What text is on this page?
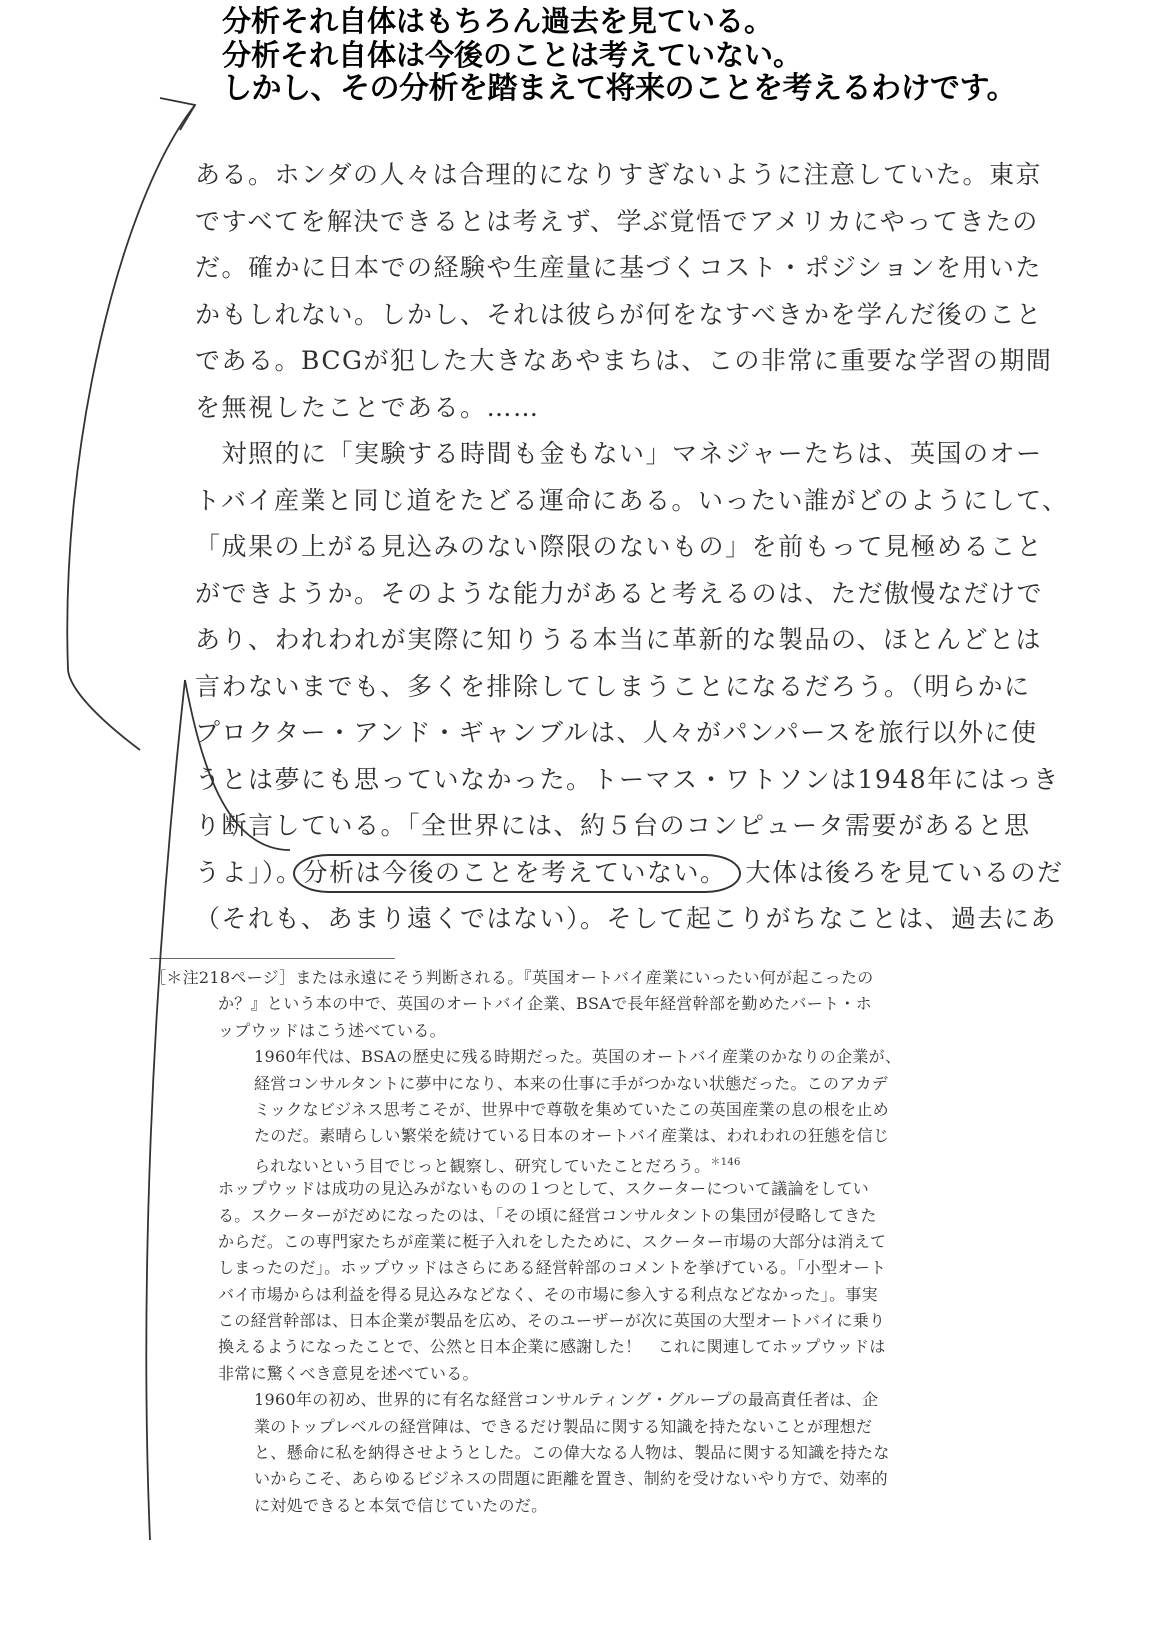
分析それ自体はもちろん過去を見ている。
分析それ自体は今後のことは考えていない。
しかし、その分析を踏まえて将来のことを考えるわけです。
ある。ホンダの人々は合理的になりすぎないように注意していた。東京
ですべてを解決できるとは考えず、学ぶ覚悟でアメリカにやってきたの
だ。確かに日本での経験や生産量に基づくコスト・ポジションを用いた
かもしれない。しかし、それは彼らが何をなすべきかを学んだ後のこと
である。BCGが犯した大きなあやまちは、この非常に重要な学習の期間
を無視したことである。……
　対照的に「実験する時間も金もない」マネジャーたちは、英国のオー
トバイ産業と同じ道をたどる運命にある。いったい誰がどのようにして、
「成果の上がる見込みのない際限のないもの」を前もって見極めること
ができようか。そのような能力があると考えるのは、ただ傲慢なだけで
あり、われわれが実際に知りうる本当に革新的な製品の、ほとんどとは
言わないまでも、多くを排除してしまうことになるだろう。（明らかに
プロクター・アンド・ギャンブルは、人々がパンパースを旅行以外に使
うとは夢にも思っていなかった。トーマス・ワトソンは1948年にはっき
り断言している。「全世界には、約５台のコンピュータ需要があると思
うよ」）。分析は今後のことを考えていない。 大体は後ろを見ているのだ
（それも、あまり遠くではない）。そして起こりがちなことは、過去にあ
［＊注218ページ］または永遠にそう判断される。『英国オートバイ産業にいったい何が起こったの
か？』という本の中で、英国のオートバイ企業、BSAで長年経営幹部を勤めたバート・ホ
ップウッドはこう述べている。
1960年代は、BSAの歴史に残る時期だった。英国のオートバイ産業のかなりの企業が、
経営コンサルタントに夢中になり、本来の仕事に手がつかない状態だった。このアカデ
ミックなビジネス思考こそが、世界中で尊敬を集めていたこの英国産業の息の根を止め
たのだ。素晴らしい繁栄を続けている日本のオートバイ産業は、われわれの狂態を信じ
られないという目でじっと観察し、研究していたことだろう。$^{*146}$
ホップウッドは成功の見込みがないものの１つとして、スクーターについて議論をしてい
る。スクーターがだめになったのは、「その頃に経営コンサルタントの集団が侵略してきた
からだ。この専門家たちが産業に梃子入れをしたために、スクーター市場の大部分は消えて
しまったのだ」。ホップウッドはさらにある経営幹部のコメントを挙げている。「小型オート
バイ市場からは利益を得る見込みなどなく、その市場に参入する利点などなかった」。事実
この経営幹部は、日本企業が製品を広め、そのユーザーが次に英国の大型オートバイに乗り
換えるようになったことで、公然と日本企業に感謝した！　これに関連してホップウッドは
非常に驚くべき意見を述べている。
1960年の初め、世界的に有名な経営コンサルティング・グループの最高責任者は、企
業のトップレベルの経営陣は、できるだけ製品に関する知識を持たないことが理想だ
と、懸命に私を納得させようとした。この偉大なる人物は、製品に関する知識を持たな
いからこそ、あらゆるビジネスの問題に距離を置き、制約を受けないやり方で、効率的
に対処できると本気で信じていたのだ。
